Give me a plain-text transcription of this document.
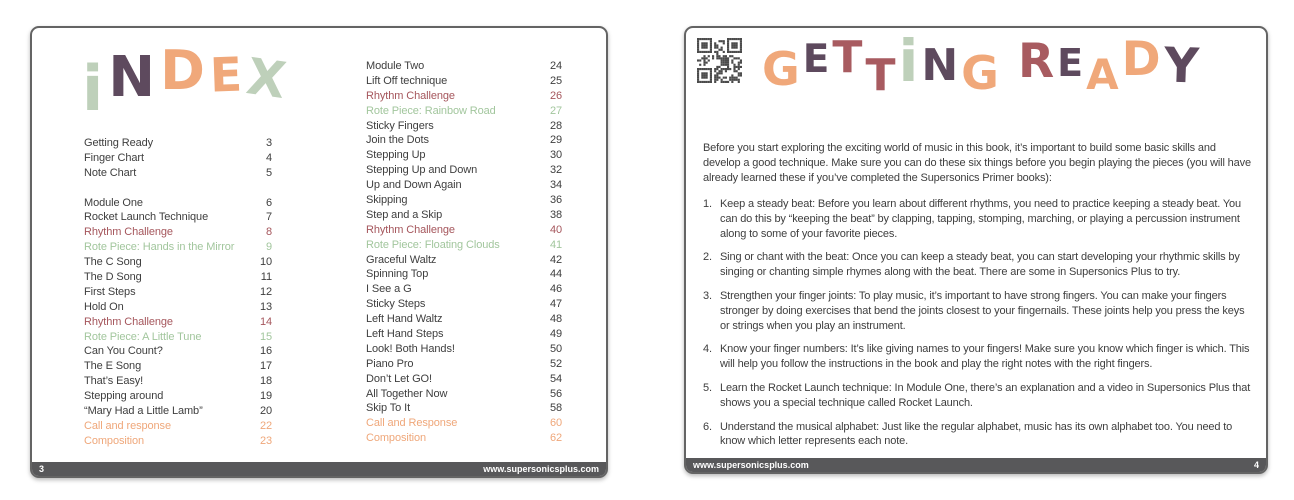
i N D E
X
Getting Ready	3
Finger Chart	4
Note Chart	5
Module One	6
Rocket Launch Technique	7
Rhythm Challenge	8
Rote Piece: Hands in the Mirror	9
The C Song	10
The D Song	11
First Steps	12
Hold On	13
Rhythm Challenge	14
Rote Piece: A Little Tune	15
Can You Count?	16
The E Song	17
That’s Easy!	18
Stepping around	19
“Mary Had a Little Lamb”	20
Call and response	22
Composition	23
Module Two	24
Lift Off technique	25
Rhythm Challenge	26
Rote Piece: Rainbow Road	27
Sticky Fingers	28
Join the Dots	29
Stepping Up	30
Stepping Up and Down	32
Up and Down Again	34
Skipping	36
Step and a Skip	38
Rhythm Challenge	40
Rote Piece: Floating Clouds	41
Graceful Waltz	42
Spinning Top	44
I See a G	46
Sticky Steps	47
Left Hand Waltz	48
Left Hand Steps	49
Look! Both Hands!	50
Piano Pro	52
Don’t Let GO!	54
All Together Now	56
Skip To It	58
Call and Response	60
Composition	62
3	www.supersonicsplus.com
G E T T i N G R E A D Y

Before you start exploring the exciting world of music in this book, it’s important to build some basic skills and develop a good technique. Make sure you can do these six things before you begin playing the pieces (you will have already learned these if you’ve completed the Supersonics Primer books):

1. Keep a steady beat: Before you learn about different rhythms, you need to practice keeping a steady beat. You can do this by “keeping the beat” by clapping, tapping, stomping, marching, or playing a percussion instrument along to some of your favorite pieces.
2. Sing or chant with the beat: Once you can keep a steady beat, you can start developing your rhythmic skills by singing or chanting simple rhymes along with the beat. There are some in Supersonics Plus to try.
3. Strengthen your finger joints: To play music, it’s important to have strong fingers. You can make your fingers stronger by doing exercises that bend the joints closest to your fingernails. These joints help you press the keys or strings when you play an instrument.
4. Know your finger numbers: It’s like giving names to your fingers! Make sure you know which finger is which. This will help you follow the instructions in the book and play the right notes with the right fingers.
5. Learn the Rocket Launch technique: In Module One, there’s an explanation and a video in Supersonics Plus that shows you a special technique called Rocket Launch.
6. Understand the musical alphabet: Just like the regular alphabet, music has its own alphabet too. You need to know which letter represents each note.
www.supersonicsplus.com	4
